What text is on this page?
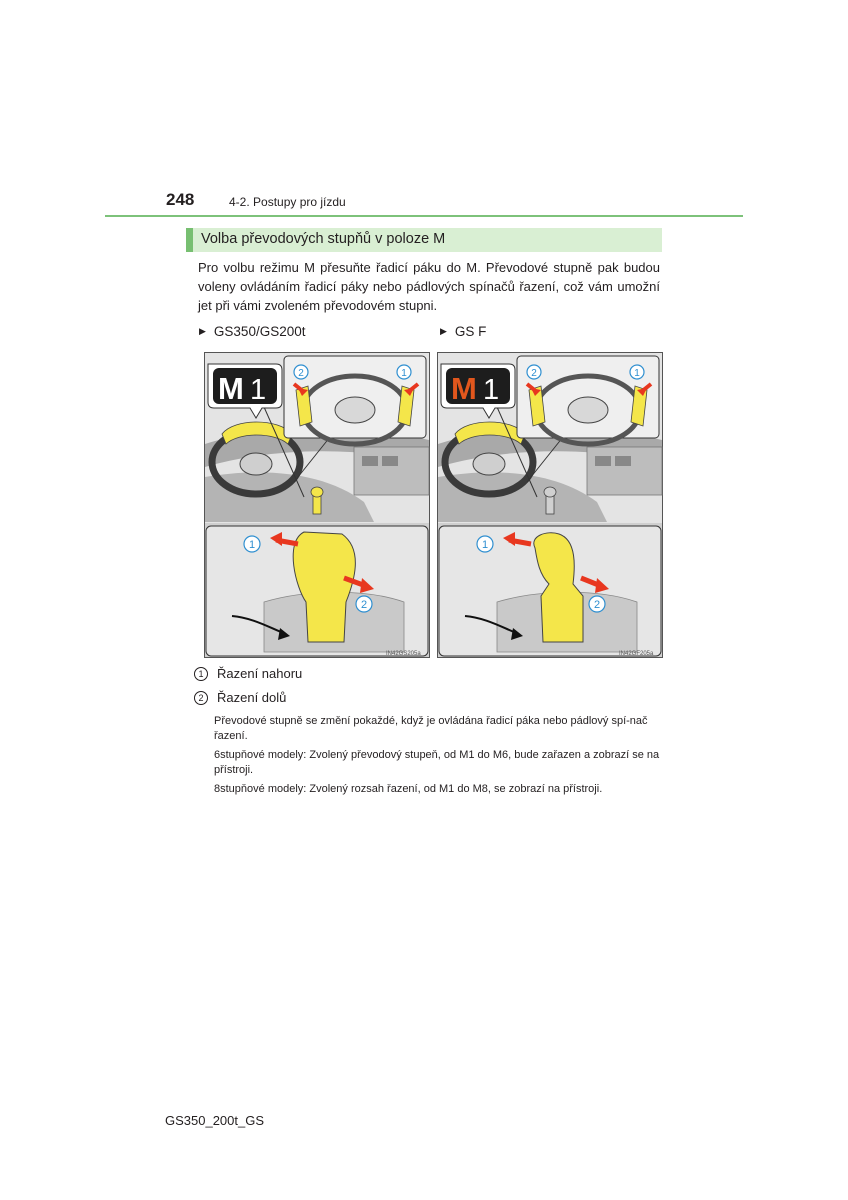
248	4-2. Postupy pro jízdu
Volba převodových stupňů v poloze M

Pro volbu režimu M přesuňte řadicí páku do M. Převodové stupně pak budou voleny ovládáním řadicí páky nebo pádlových spínačů řazení, což vám umožní jet při vámi zvoleném převodovém stupni.

▶ GS350/GS200t	▶ GS F
M 1
2	1
1
2
IN42GS205a
M 1
2	1
1
2
IN42GF205a
1 Řazení nahoru
2 Řazení dolů

Převodové stupně se změní pokaždé, když je ovládána řadicí páka nebo pádlový spí-nač řazení.

6stupňové modely: Zvolený převodový stupeň, od M1 do M6, bude zařazen a zobrazí se na přístroji.

8stupňové modely: Zvolený rozsah řazení, od M1 do M8, se zobrazí na přístroji.

GS350_200t_GS
